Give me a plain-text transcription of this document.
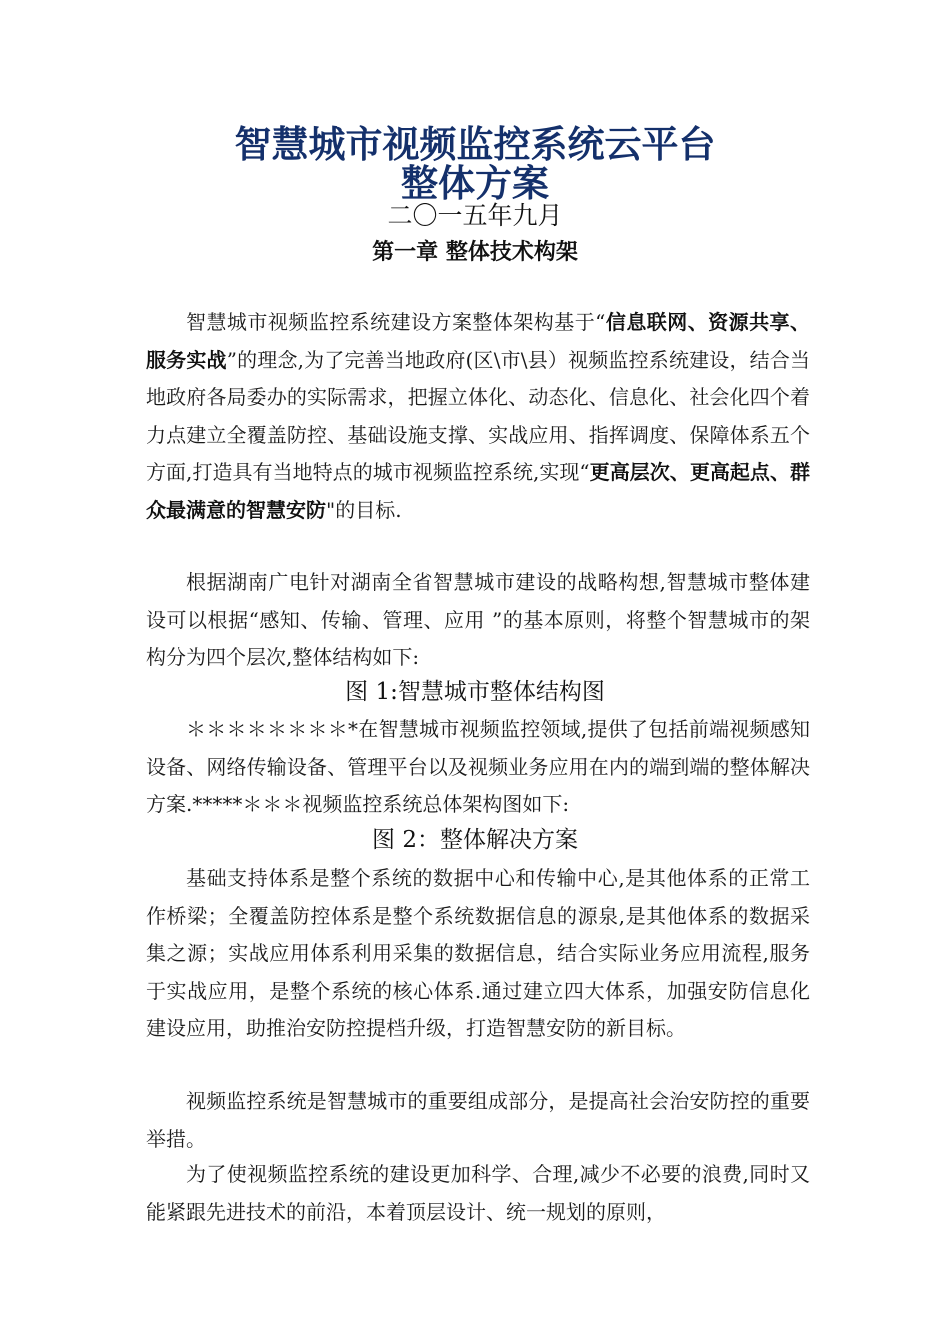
智慧城市视频监控系统云平台
整体方案
二〇一五年九月
第一章 整体技术构架
智慧城市视频监控系统建设方案整体架构基于“信息联网、资源共享、服务实战”的理念,为了完善当地政府(区\市\县）视频监控系统建设，结合当地政府各局委办的实际需求，把握立体化、动态化、信息化、社会化四个着力点建立全覆盖防控、基础设施支撑、实战应用、指挥调度、保障体系五个方面,打造具有当地特点的城市视频监控系统,实现“更高层次、更高起点、群众最满意的智慧安防"的目标.
根据湖南广电针对湖南全省智慧城市建设的战略构想,智慧城市整体建设可以根据“感知、传输、管理、应用 ”的基本原则，将整个智慧城市的架构分为四个层次,整体结构如下:
图 1:智慧城市整体结构图
＊＊＊＊＊＊＊＊*在智慧城市视频监控领域,提供了包括前端视频感知设备、网络传输设备、管理平台以及视频业务应用在内的端到端的整体解决方案.*****＊＊＊视频监控系统总体架构图如下:
图 2：整体解决方案
基础支持体系是整个系统的数据中心和传输中心,是其他体系的正常工作桥梁；全覆盖防控体系是整个系统数据信息的源泉,是其他体系的数据采集之源；实战应用体系利用采集的数据信息，结合实际业务应用流程,服务于实战应用，是整个系统的核心体系.通过建立四大体系，加强安防信息化建设应用，助推治安防控提档升级，打造智慧安防的新目标。
视频监控系统是智慧城市的重要组成部分，是提高社会治安防控的重要举措。
为了使视频监控系统的建设更加科学、合理,减少不必要的浪费,同时又能紧跟先进技术的前沿，本着顶层设计、统一规划的原则，
